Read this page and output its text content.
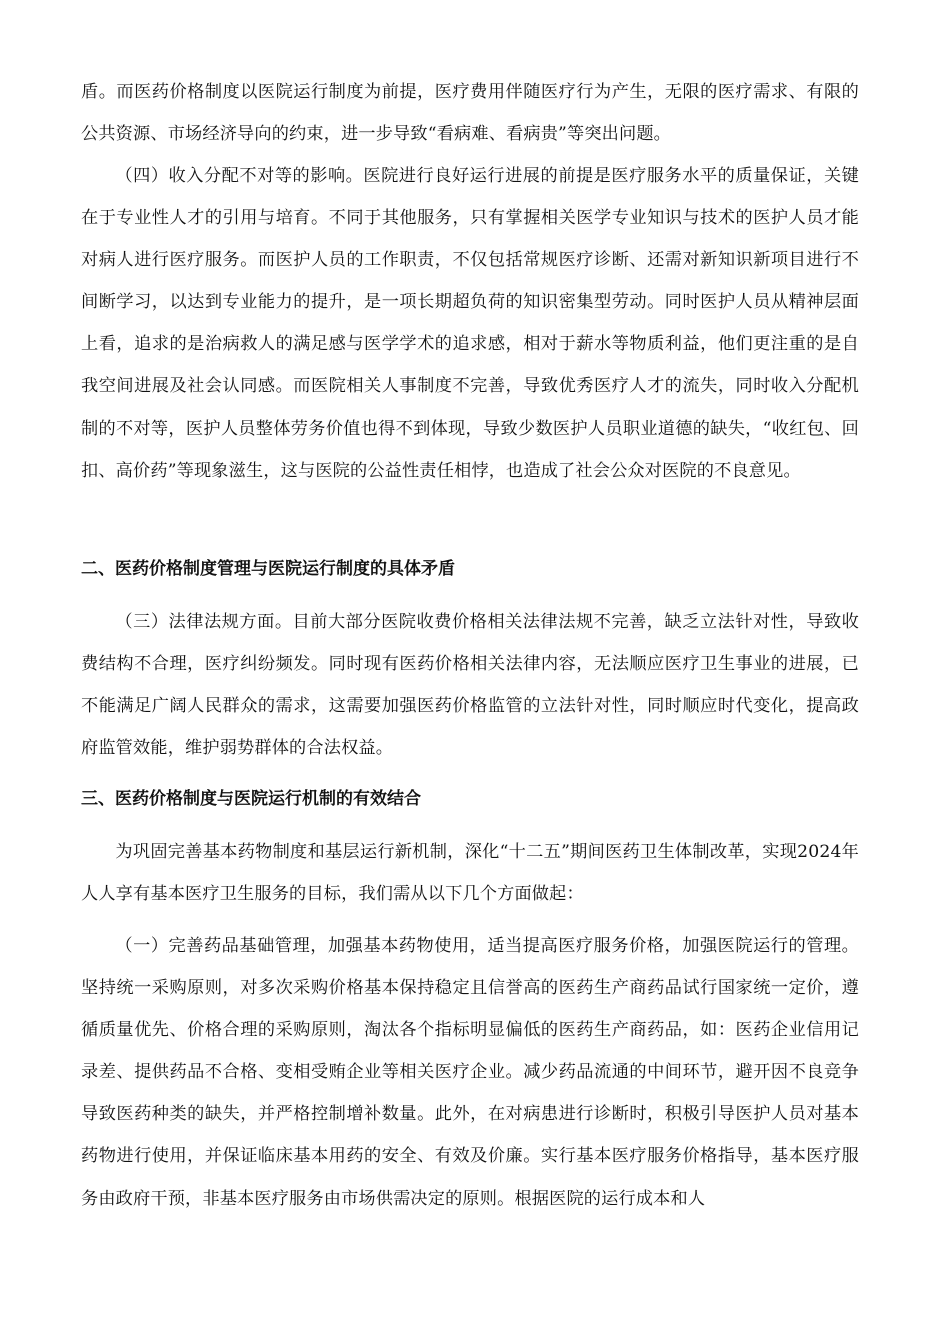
盾。而医药价格制度以医院运行制度为前提，医疗费用伴随医疗行为产生，无限的医疗需求、有限的公共资源、市场经济导向的约束，进一步导致“看病难、看病贵”等突出问题。

（四）收入分配不对等的影响。医院进行良好运行进展的前提是医疗服务水平的质量保证，关键在于专业性人才的引用与培育。不同于其他服务，只有掌握相关医学专业知识与技术的医护人员才能对病人进行医疗服务。而医护人员的工作职责，不仅包括常规医疗诊断、还需对新知识新项目进行不间断学习，以达到专业能力的提升，是一项长期超负荷的知识密集型劳动。同时医护人员从精神层面上看，追求的是治病救人的满足感与医学学术的追求感，相对于薪水等物质利益，他们更注重的是自我空间进展及社会认同感。而医院相关人事制度不完善，导致优秀医疗人才的流失，同时收入分配机制的不对等，医护人员整体劳务价值也得不到体现，导致少数医护人员职业道德的缺失，“收红包、回扣、高价药”等现象滋生，这与医院的公益性责任相悖，也造成了社会公众对医院的不良意见。

二、医药价格制度管理与医院运行制度的具体矛盾

（三）法律法规方面。目前大部分医院收费价格相关法律法规不完善，缺乏立法针对性，导致收费结构不合理，医疗纠纷频发。同时现有医药价格相关法律内容，无法顺应医疗卫生事业的进展，已不能满足广阔人民群众的需求，这需要加强医药价格监管的立法针对性，同时顺应时代变化，提高政府监管效能，维护弱势群体的合法权益。

三、医药价格制度与医院运行机制的有效结合

为巩固完善基本药物制度和基层运行新机制，深化“十二五”期间医药卫生体制改革，实现2024年人人享有基本医疗卫生服务的目标，我们需从以下几个方面做起：

（一）完善药品基础管理，加强基本药物使用，适当提高医疗服务价格，加强医院运行的管理。坚持统一采购原则，对多次采购价格基本保持稳定且信誉高的医药生产商药品试行国家统一定价，遵循质量优先、价格合理的采购原则，淘汰各个指标明显偏低的医药生产商药品，如：医药企业信用记录差、提供药品不合格、变相受贿企业等相关医疗企业。减少药品流通的中间环节，避开因不良竞争导致医药种类的缺失，并严格控制增补数量。此外，在对病患进行诊断时，积极引导医护人员对基本药物进行使用，并保证临床基本用药的安全、有效及价廉。实行基本医疗服务价格指导，基本医疗服务由政府干预，非基本医疗服务由市场供需决定的原则。根据医院的运行成本和人
